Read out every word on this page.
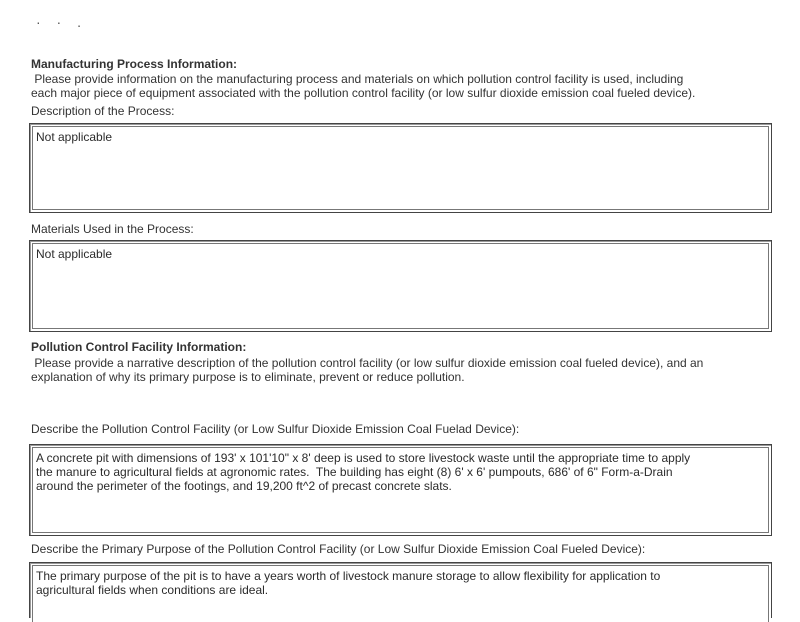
· · .
Manufacturing Process Information:
Please provide information on the manufacturing process and materials on which pollution control facility is used, including
each major piece of equipment associated with the pollution control facility (or low sulfur dioxide emission coal fueled device).
Description of the Process:
Not applicable
Materials Used in the Process:
Not applicable
Pollution Control Facility Information:
Please provide a narrative description of the pollution control facility (or low sulfur dioxide emission coal fueled device), and an
explanation of why its primary purpose is to eliminate, prevent or reduce pollution.
Describe the Pollution Control Facility (or Low Sulfur Dioxide Emission Coal Fuelad Device):
A concrete pit with dimensions of 193' x 101'10" x 8' deep is used to store livestock waste until the appropriate time to apply
the manure to agricultural fields at agronomic rates.  The building has eight (8) 6' x 6' pumpouts, 686' of 6" Form-a-Drain
around the perimeter of the footings, and 19,200 ft^2 of precast concrete slats.
Describe the Primary Purpose of the Pollution Control Facility (or Low Sulfur Dioxide Emission Coal Fueled Device):
The primary purpose of the pit is to have a years worth of livestock manure storage to allow flexibility for application to
agricultural fields when conditions are ideal.
